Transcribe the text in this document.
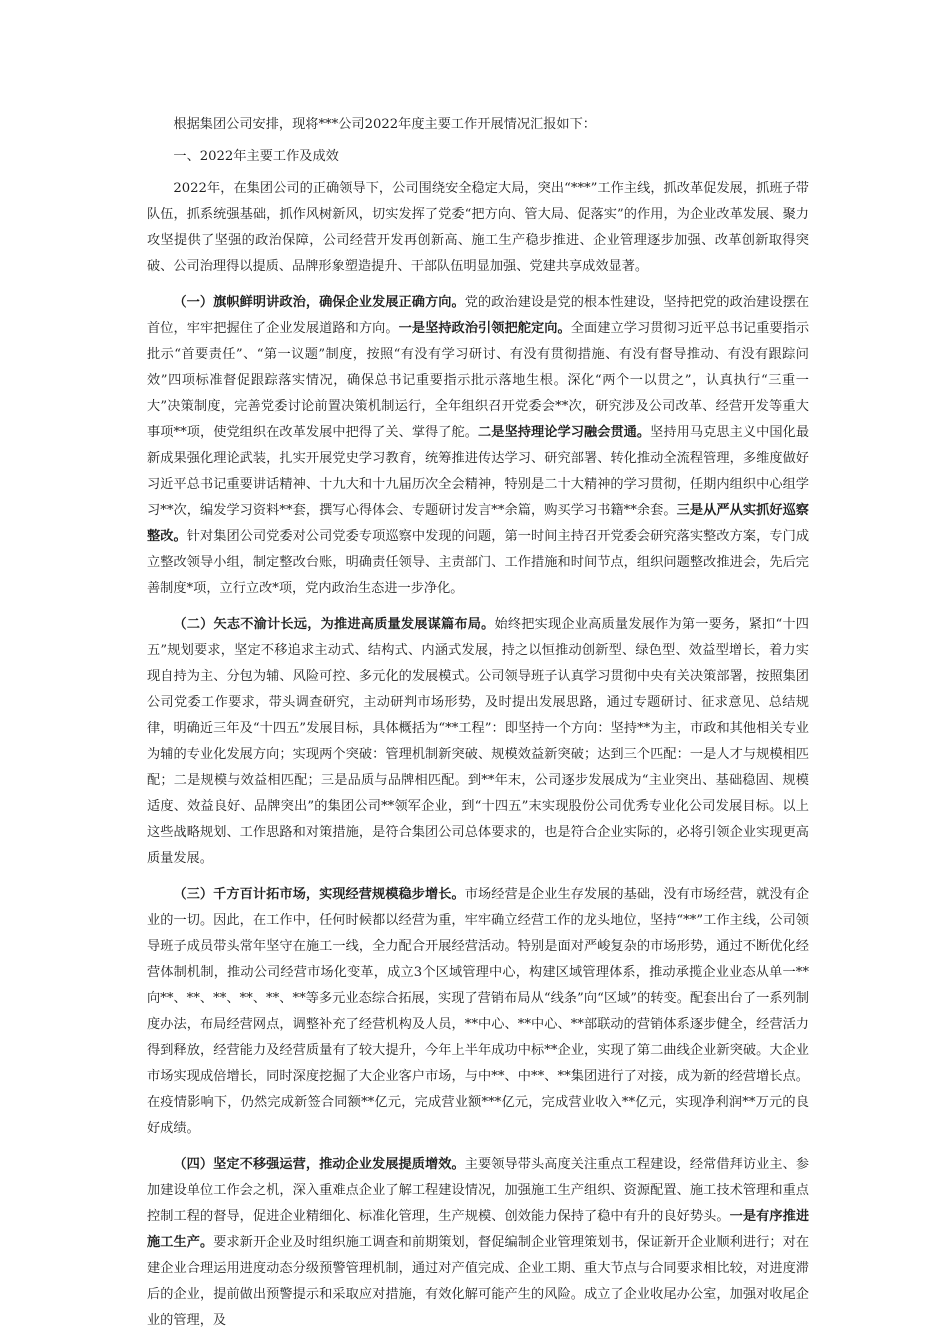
根据集团公司安排，现将***公司2022年度主要工作开展情况汇报如下：

一、2022年主要工作及成效

2022年，在集团公司的正确领导下，公司围绕安全稳定大局，突出“***”工作主线，抓改革促发展，抓班子带队伍，抓系统强基础，抓作风树新风，切实发挥了党委“把方向、管大局、促落实”的作用，为企业改革发展、聚力攻坚提供了坚强的政治保障，公司经营开发再创新高、施工生产稳步推进、企业管理逐步加强、改革创新取得突破、公司治理得以提质、品牌形象塑造提升、干部队伍明显加强、党建共享成效显著。

（一）旗帜鲜明讲政治，确保企业发展正确方向。党的政治建设是党的根本性建设，坚持把党的政治建设摆在首位，牢牢把握住了企业发展道路和方向。一是坚持政治引领把舵定向。全面建立学习贯彻习近平总书记重要指示批示“首要责任”、“第一议题”制度，按照“有没有学习研讨、有没有贯彻措施、有没有督导推动、有没有跟踪问效”四项标准督促跟踪落实情况，确保总书记重要指示批示落地生根。深化“两个一以贯之”，认真执行“三重一大”决策制度，完善党委讨论前置决策机制运行，全年组织召开党委会**次，研究涉及公司改革、经营开发等重大事项**项，使党组织在改革发展中把得了关、掌得了舵。二是坚持理论学习融会贯通。坚持用马克思主义中国化最新成果强化理论武装，扎实开展党史学习教育，统筹推进传达学习、研究部署、转化推动全流程管理，多维度做好习近平总书记重要讲话精神、十九大和十九届历次全会精神，特别是二十大精神的学习贯彻，任期内组织中心组学习**次，编发学习资料**套，撰写心得体会、专题研讨发言**余篇，购买学习书籍**余套。三是从严从实抓好巡察整改。针对集团公司党委对公司党委专项巡察中发现的问题，第一时间主持召开党委会研究落实整改方案，专门成立整改领导小组，制定整改台账，明确责任领导、主责部门、工作措施和时间节点，组织问题整改推进会，先后完善制度*项，立行立改*项，党内政治生态进一步净化。

（二）矢志不渝计长远，为推进高质量发展谋篇布局。始终把实现企业高质量发展作为第一要务，紧扣“十四五”规划要求，坚定不移追求主动式、结构式、内涵式发展，持之以恒推动创新型、绿色型、效益型增长，着力实现自持为主、分包为辅、风险可控、多元化的发展模式。公司领导班子认真学习贯彻中央有关决策部署，按照集团公司党委工作要求，带头调查研究，主动研判市场形势，及时提出发展思路，通过专题研讨、征求意见、总结规律，明确近三年及“十四五”发展目标，具体概括为“**工程”：即坚持一个方向：坚持**为主，市政和其他相关专业为辅的专业化发展方向；实现两个突破：管理机制新突破、规模效益新突破；达到三个匹配：一是人才与规模相匹配；二是规模与效益相匹配；三是品质与品牌相匹配。到**年末，公司逐步发展成为“主业突出、基础稳固、规模适度、效益良好、品牌突出”的集团公司**领军企业，到“十四五”末实现股份公司优秀专业化公司发展目标。以上这些战略规划、工作思路和对策措施，是符合集团公司总体要求的，也是符合企业实际的，必将引领企业实现更高质量发展。

（三）千方百计拓市场，实现经营规模稳步增长。市场经营是企业生存发展的基础，没有市场经营，就没有企业的一切。因此，在工作中，任何时候都以经营为重，牢牢确立经营工作的龙头地位，坚持“**”工作主线，公司领导班子成员带头常年坚守在施工一线，全力配合开展经营活动。特别是面对严峻复杂的市场形势，通过不断优化经营体制机制，推动公司经营市场化变革，成立3个区域管理中心，构建区域管理体系，推动承揽企业业态从单一**向**、**、**、**、**、**等多元业态综合拓展，实现了营销布局从“线条”向“区域”的转变。配套出台了一系列制度办法，布局经营网点，调整补充了经营机构及人员，**中心、**中心、**部联动的营销体系逐步健全，经营活力得到释放，经营能力及经营质量有了较大提升，今年上半年成功中标**企业，实现了第二曲线企业新突破。大企业市场实现成倍增长，同时深度挖掘了大企业客户市场，与中**、中**、**集团进行了对接，成为新的经营增长点。在疫情影响下，仍然完成新签合同额**亿元，完成营业额***亿元，完成营业收入**亿元，实现净利润**万元的良好成绩。

（四）坚定不移强运营，推动企业发展提质增效。主要领导带头高度关注重点工程建设，经常借拜访业主、参加建设单位工作会之机，深入重难点企业了解工程建设情况，加强施工生产组织、资源配置、施工技术管理和重点控制工程的督导，促进企业精细化、标准化管理，生产规模、创效能力保持了稳中有升的良好势头。一是有序推进施工生产。要求新开企业及时组织施工调查和前期策划，督促编制企业管理策划书，保证新开企业顺利进行；对在建企业合理运用进度动态分级预警管理机制，通过对产值完成、企业工期、重大节点与合同要求相比较，对进度滞后的企业，提前做出预警提示和采取应对措施，有效化解可能产生的风险。成立了企业收尾办公室，加强对收尾企业的管理，及
